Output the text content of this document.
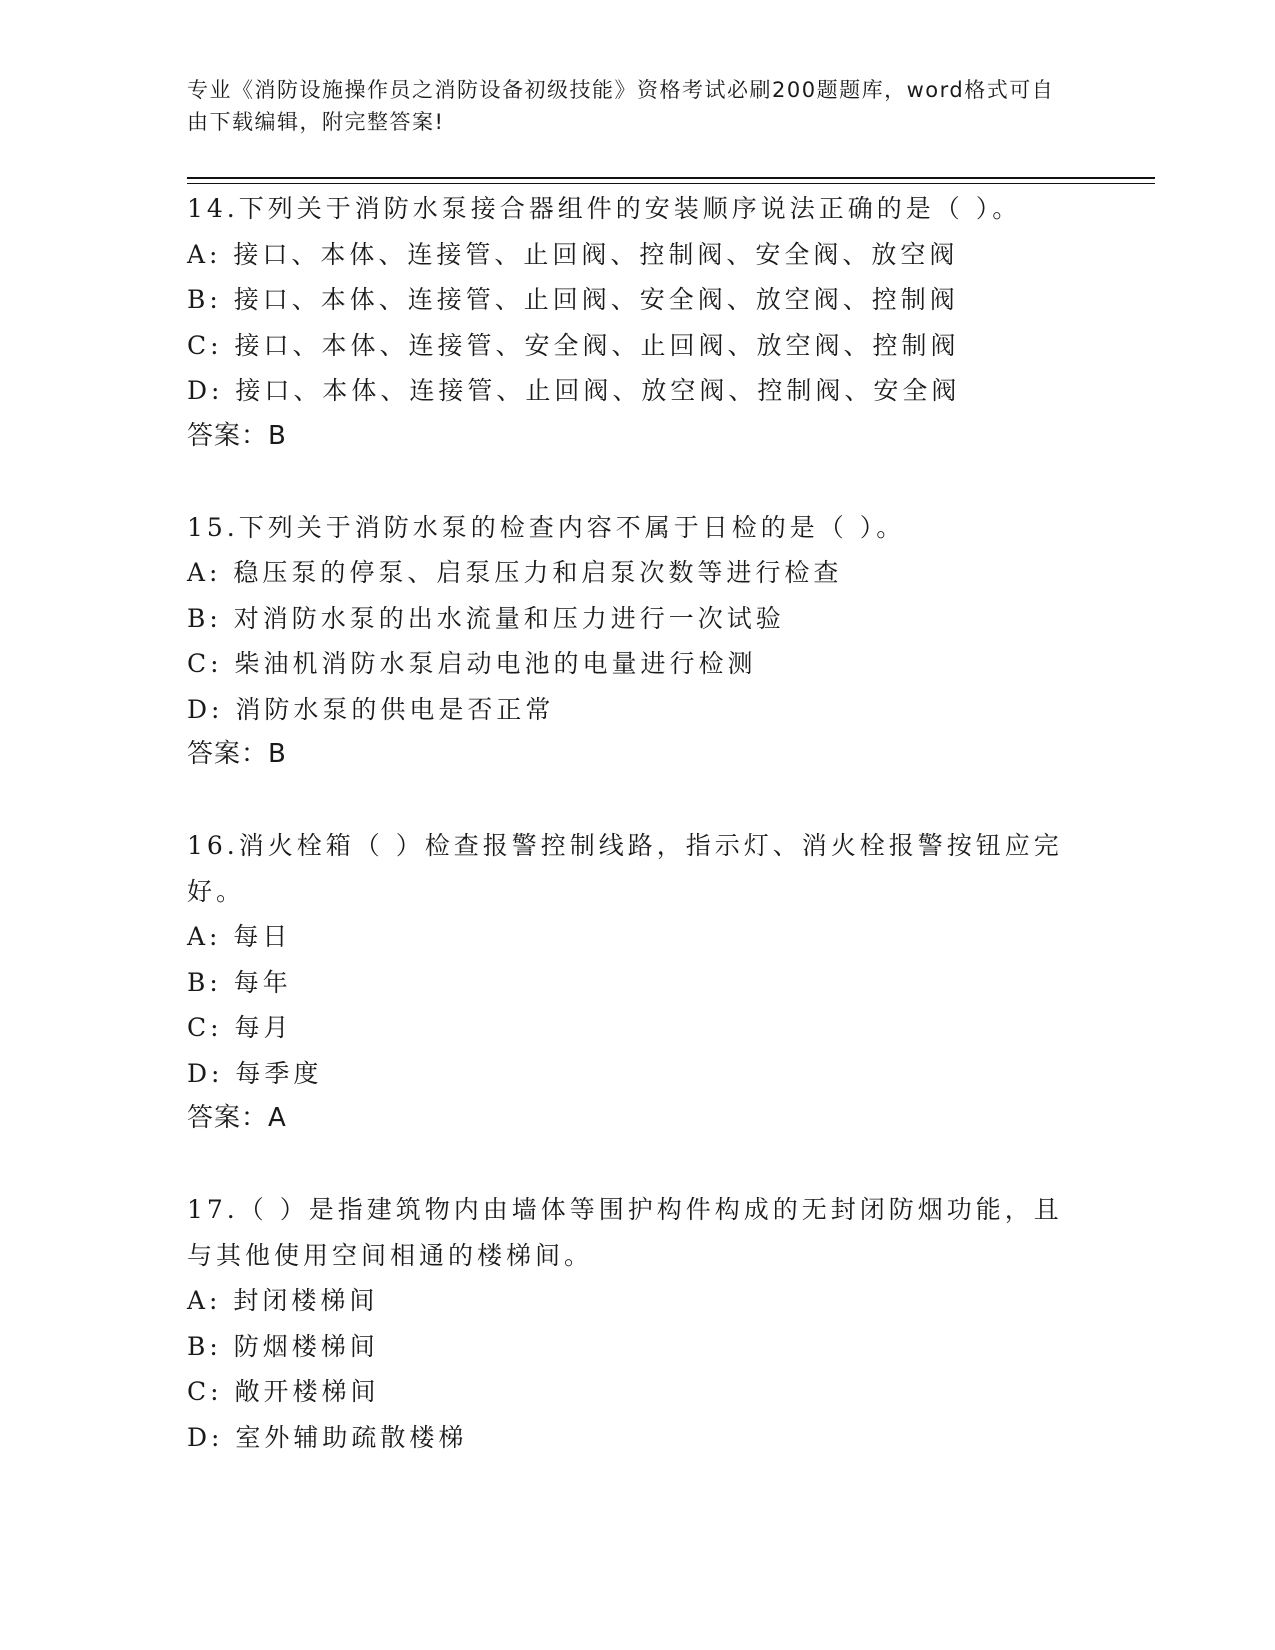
专业《消防设施操作员之消防设备初级技能》资格考试必刷200题题库，word格式可自由下载编辑，附完整答案!
14.下列关于消防水泵接合器组件的安装顺序说法正确的是（ ）。
A: 接口、本体、连接管、止回阀、控制阀、安全阀、放空阀
B: 接口、本体、连接管、止回阀、安全阀、放空阀、控制阀
C: 接口、本体、连接管、安全阀、止回阀、放空阀、控制阀
D: 接口、本体、连接管、止回阀、放空阀、控制阀、安全阀
答案：B
15.下列关于消防水泵的检查内容不属于日检的是（ ）。
A: 稳压泵的停泵、启泵压力和启泵次数等进行检查
B: 对消防水泵的出水流量和压力进行一次试验
C: 柴油机消防水泵启动电池的电量进行检测
D: 消防水泵的供电是否正常
答案：B
16.消火栓箱（ ）检查报警控制线路，指示灯、消火栓报警按钮应完好。
A: 每日
B: 每年
C: 每月
D: 每季度
答案：A
17.（ ）是指建筑物内由墙体等围护构件构成的无封闭防烟功能，且与其他使用空间相通的楼梯间。
A: 封闭楼梯间
B: 防烟楼梯间
C: 敞开楼梯间
D: 室外辅助疏散楼梯
